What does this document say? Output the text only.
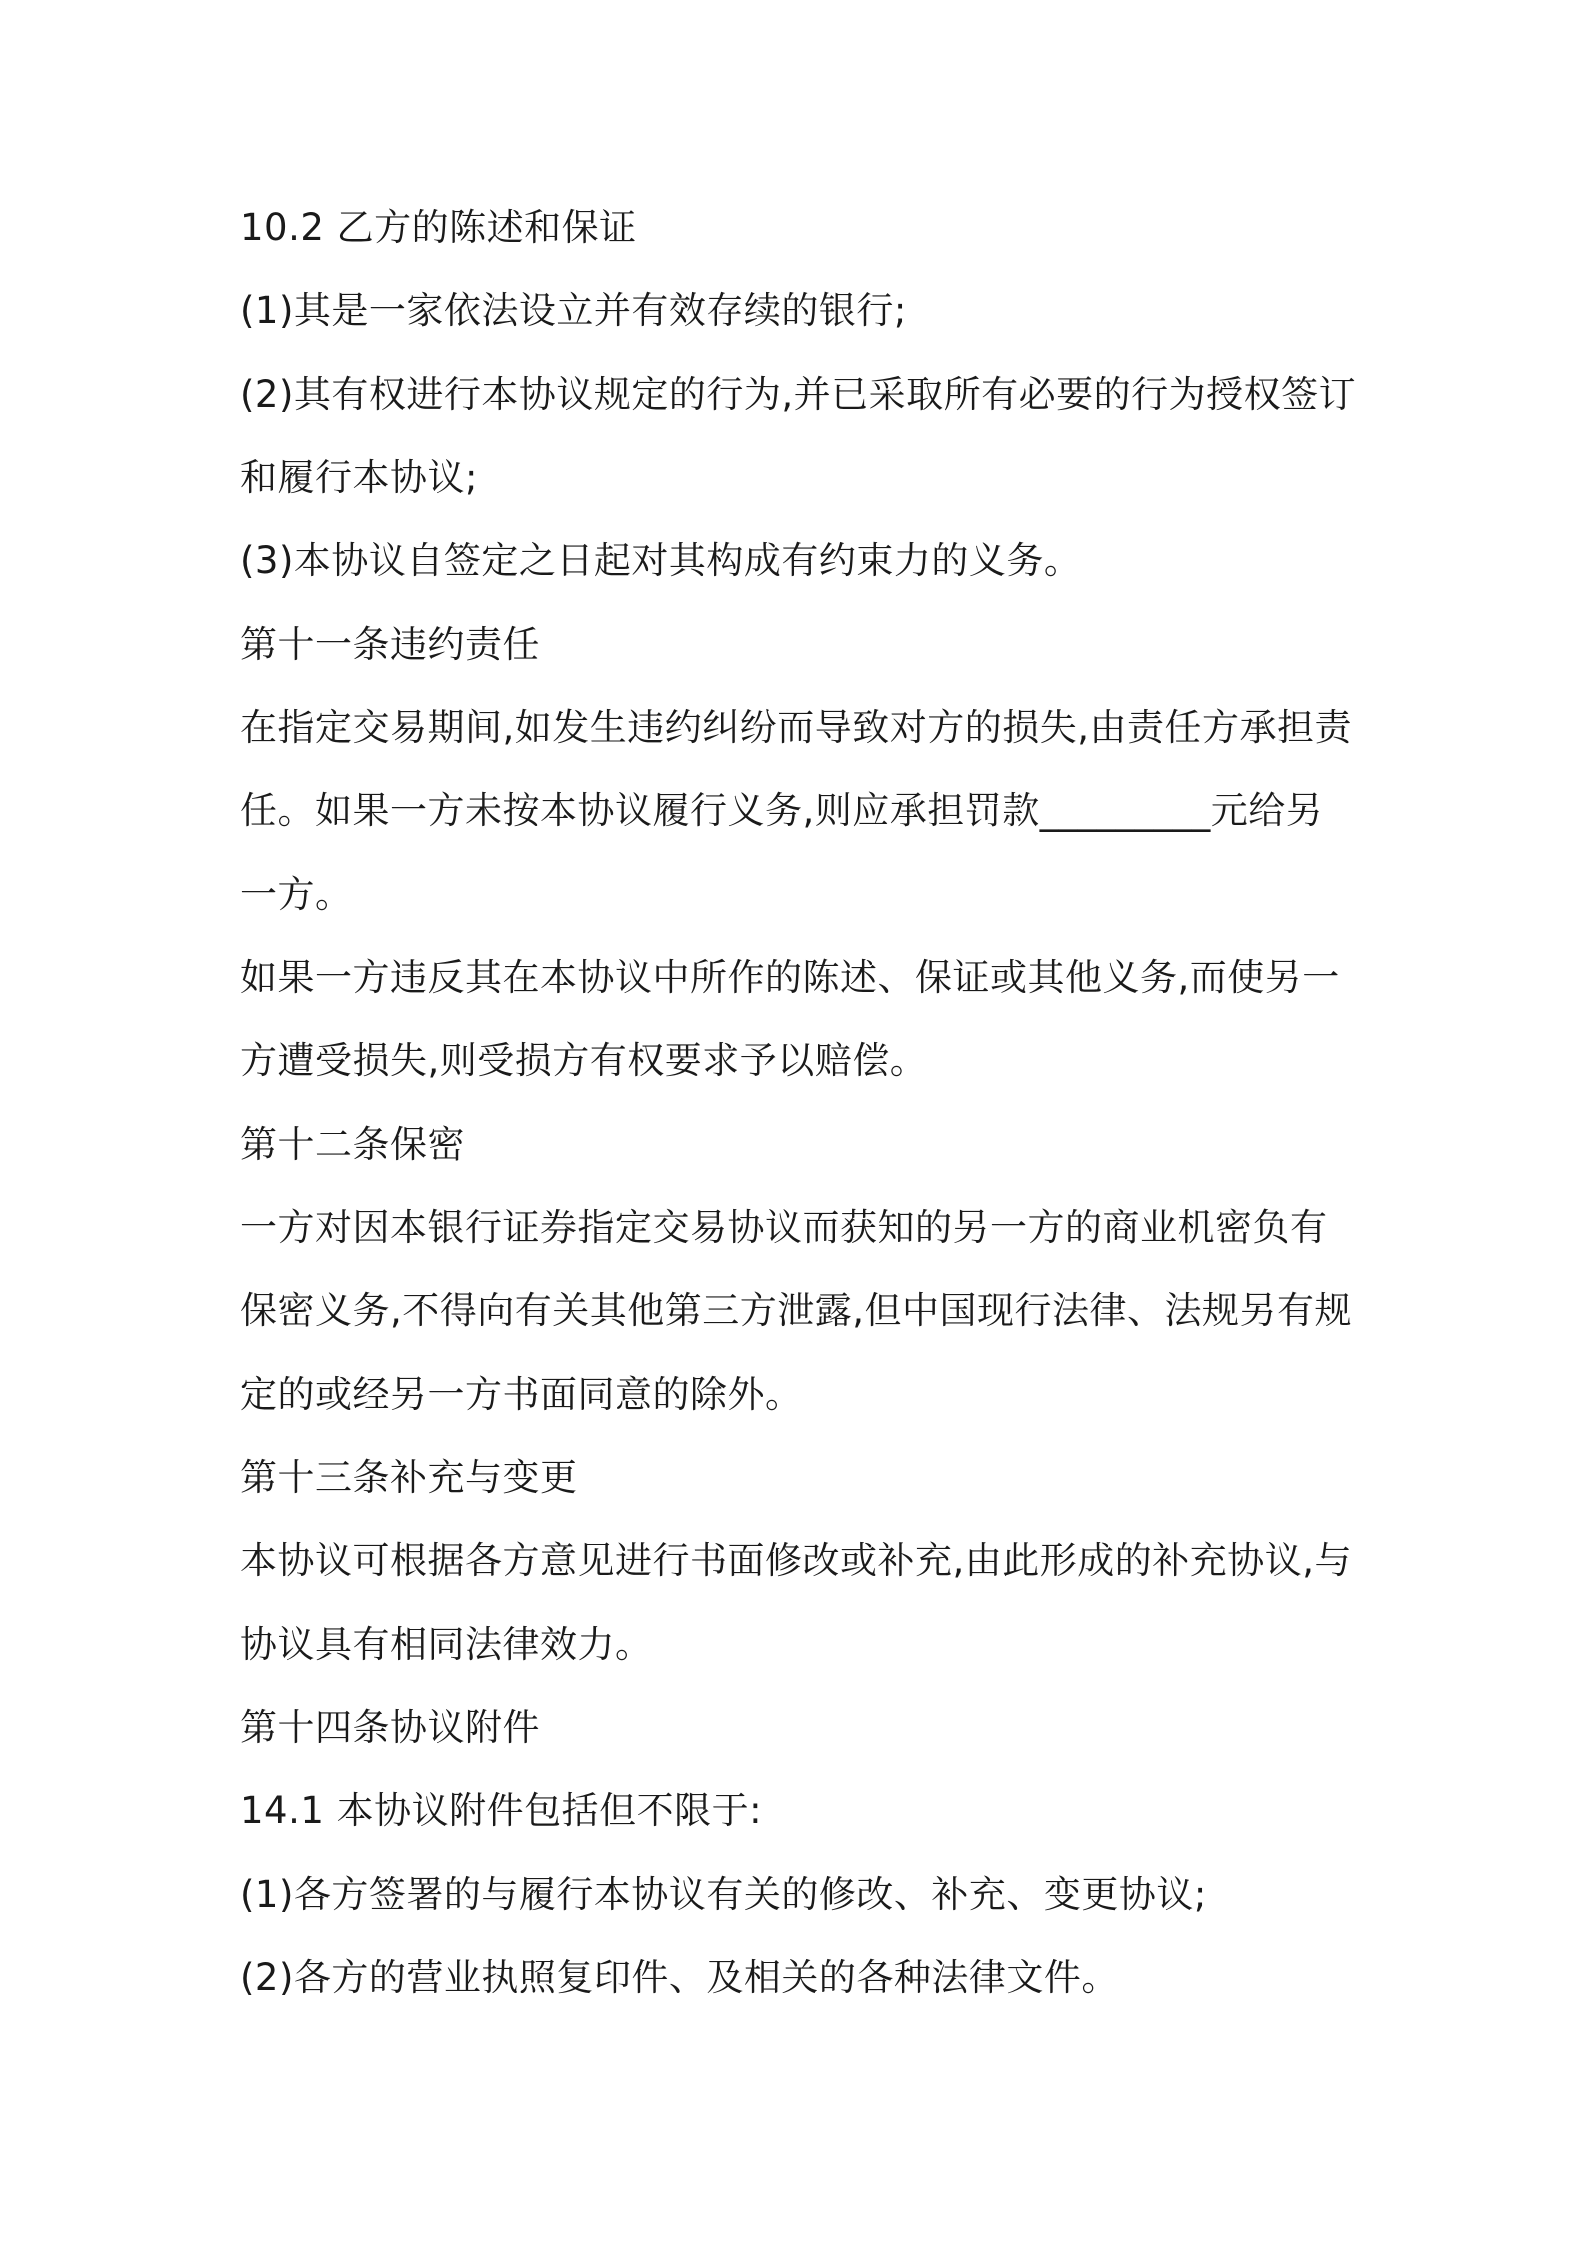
10.2 乙方的陈述和保证

(1)其是一家依法设立并有效存续的银行;

(2)其有权进行本协议规定的行为,并已采取所有必要的行为授权签订

和履行本协议;

(3)本协议自签定之日起对其构成有约束力的义务。

第十一条违约责任

在指定交易期间,如发生违约纠纷而导致对方的损失,由责任方承担责

任。如果一方未按本协议履行义务,则应承担罚款_________元给另

一方。

如果一方违反其在本协议中所作的陈述、保证或其他义务,而使另一

方遭受损失,则受损方有权要求予以赔偿。

第十二条保密

一方对因本银行证券指定交易协议而获知的另一方的商业机密负有

保密义务,不得向有关其他第三方泄露,但中国现行法律、法规另有规

定的或经另一方书面同意的除外。

第十三条补充与变更

本协议可根据各方意见进行书面修改或补充,由此形成的补充协议,与

协议具有相同法律效力。

第十四条协议附件

14.1 本协议附件包括但不限于:

(1)各方签署的与履行本协议有关的修改、补充、变更协议;

(2)各方的营业执照复印件、及相关的各种法律文件。
